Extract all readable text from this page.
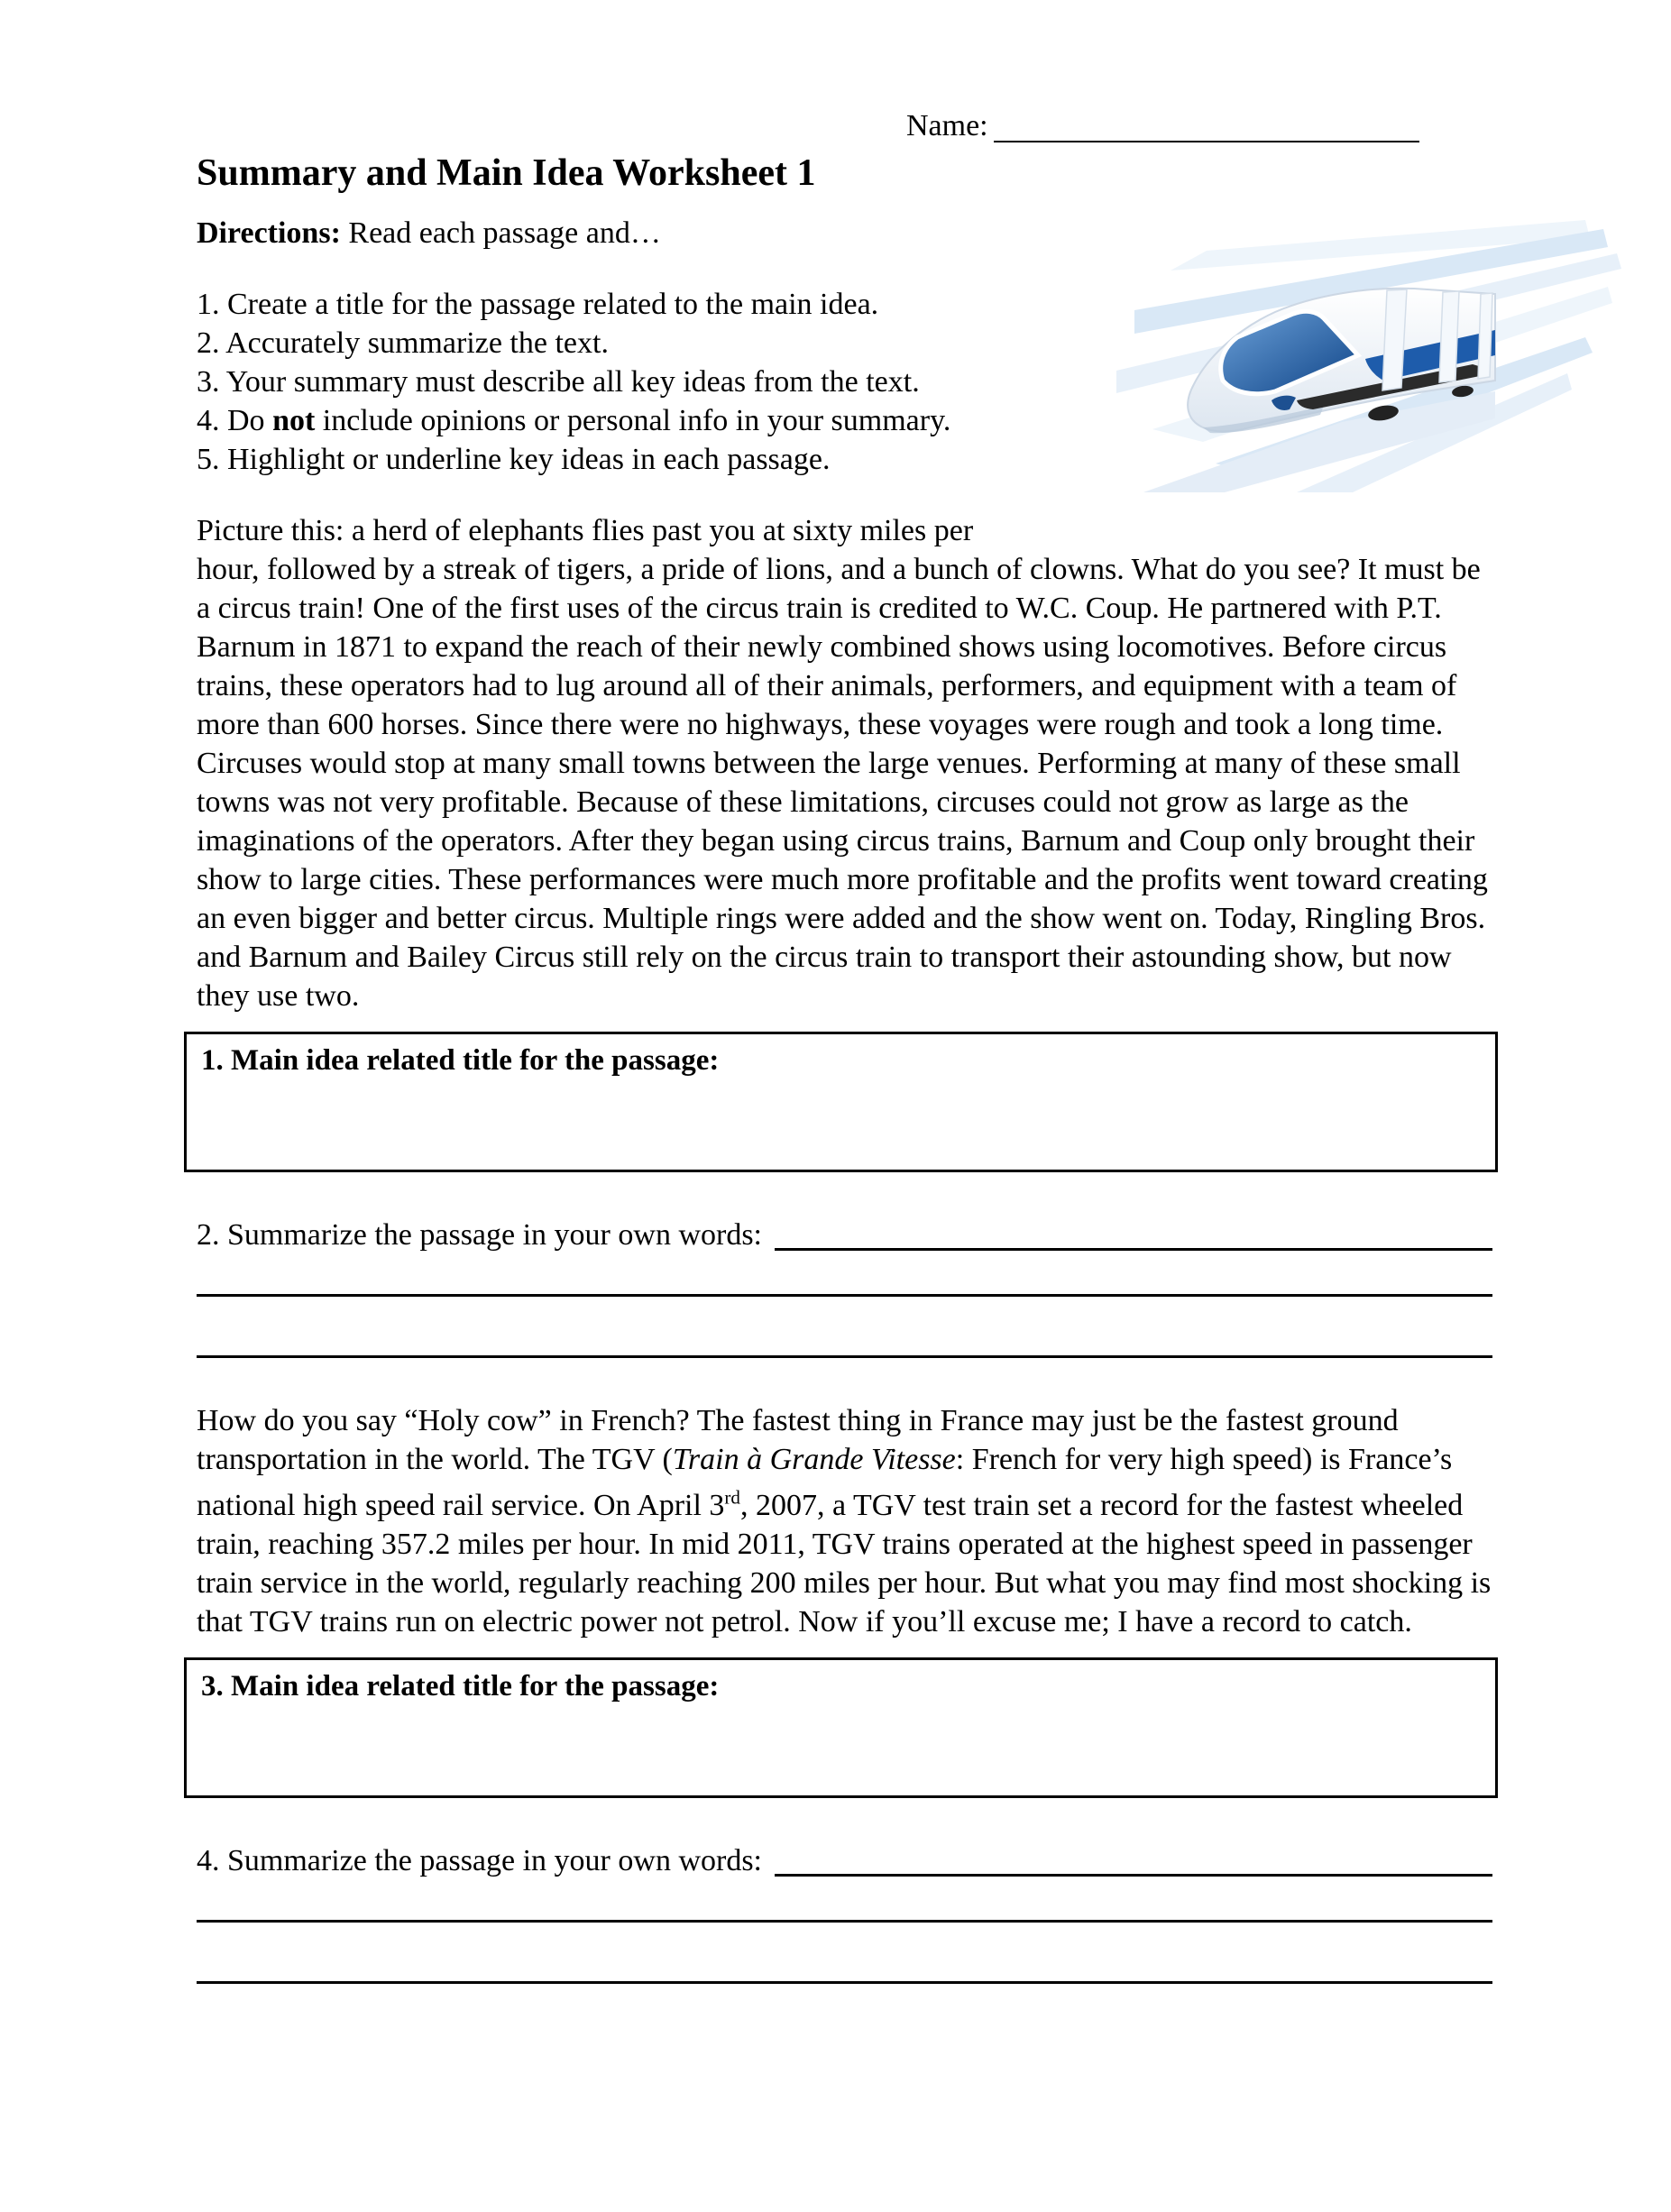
Name:
Summary and Main Idea Worksheet 1
Directions: Read each passage and…
1. Create a title for the passage related to the main idea.
2. Accurately summarize the text.
3. Your summary must describe all key ideas from the text.
4. Do not include opinions or personal info in your summary.
5. Highlight or underline key ideas in each passage.
Picture this: a herd of elephants flies past you at sixty miles per
hour, followed by a streak of tigers, a pride of lions, and a bunch of clowns. What do you see? It must be a circus train! One of the first uses of the circus train is credited to W.C. Coup. He partnered with P.T. Barnum in 1871 to expand the reach of their newly combined shows using locomotives. Before circus trains, these operators had to lug around all of their animals, performers, and equipment with a team of more than 600 horses. Since there were no highways, these voyages were rough and took a long time. Circuses would stop at many small towns between the large venues. Performing at many of these small towns was not very profitable. Because of these limitations, circuses could not grow as large as the imaginations of the operators. After they began using circus trains, Barnum and Coup only brought their show to large cities. These performances were much more profitable and the profits went toward creating an even bigger and better circus. Multiple rings were added and the show went on. Today, Ringling Bros. and Barnum and Bailey Circus still rely on the circus train to transport their astounding show, but now they use two.
1. Main idea related title for the passage:
2. Summarize the passage in your own words:
How do you say “Holy cow” in French? The fastest thing in France may just be the fastest ground transportation in the world. The TGV (Train à Grande Vitesse: French for very high speed) is France’s national high speed rail service. On April 3rd, 2007, a TGV test train set a record for the fastest wheeled train, reaching 357.2 miles per hour. In mid 2011, TGV trains operated at the highest speed in passenger train service in the world, regularly reaching 200 miles per hour. But what you may find most shocking is that TGV trains run on electric power not petrol. Now if you’ll excuse me; I have a record to catch.
3. Main idea related title for the passage:
4. Summarize the passage in your own words:
